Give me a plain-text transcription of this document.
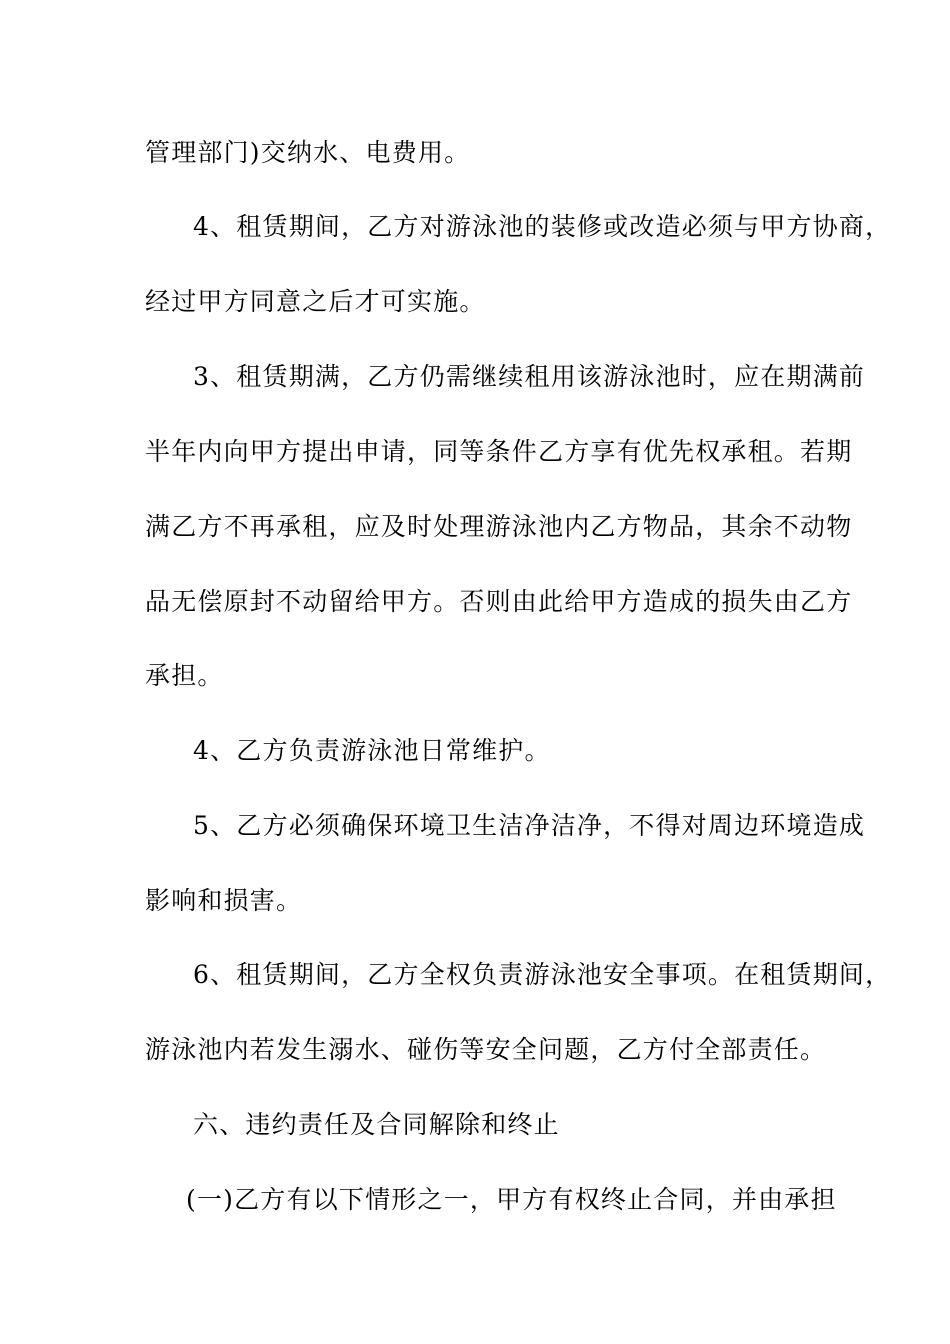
管理部门)交纳水、电费用。
4、租赁期间，乙方对游泳池的装修或改造必须与甲方协商，
经过甲方同意之后才可实施。
3、租赁期满，乙方仍需继续租用该游泳池时，应在期满前
半年内向甲方提出申请，同等条件乙方享有优先权承租。若期
满乙方不再承租，应及时处理游泳池内乙方物品，其余不动物
品无偿原封不动留给甲方。否则由此给甲方造成的损失由乙方
承担。
4、乙方负责游泳池日常维护。
5、乙方必须确保环境卫生洁净洁净，不得对周边环境造成
影响和损害。
6、租赁期间，乙方全权负责游泳池安全事项。在租赁期间，
游泳池内若发生溺水、碰伤等安全问题，乙方付全部责任。
六、违约责任及合同解除和终止
(一)乙方有以下情形之一，甲方有权终止合同，并由承担
